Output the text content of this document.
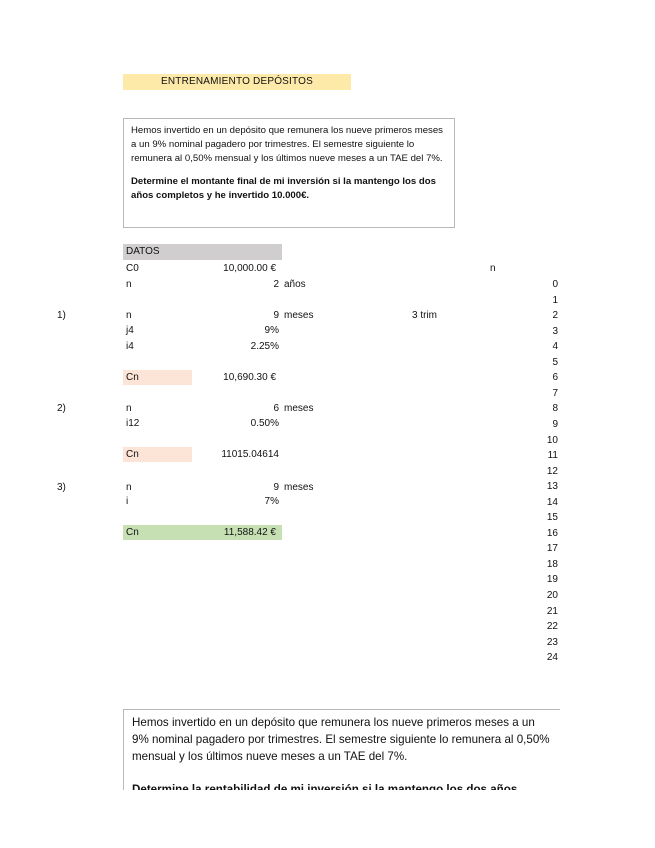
ENTRENAMIENTO DEPÓSITOS

Hemos invertido en un depósito que remunera los nueve primeros meses a un 9% nominal pagadero por trimestres. El semestre siguiente lo remunera al 0,50% mensual y los últimos nueve meses a un TAE del 7%.

Determine el montante final de mi inversión si la mantengo los dos años completos y he invertido 10.000€.

DATOS
C0	10,000.00 €
n	2 años
1)	n	9 meses	3 trim
j4	9%
i4	2.25%
Cn	10,690.30 €
2)	n	6 meses
i12	0.50%
Cn	11015.04614
3)	n	9 meses
i	7%
Cn	11,588.42 €
n
0
1
2
3
4
5
6
7
8
9
10
11
12
13
14
15
16
17
18
19
20
21
22
23
24

Hemos invertido en un depósito que remunera los nueve primeros meses a un 9% nominal pagadero por trimestres. El semestre siguiente lo remunera al 0,50% mensual y los últimos nueve meses a un TAE del 7%.
